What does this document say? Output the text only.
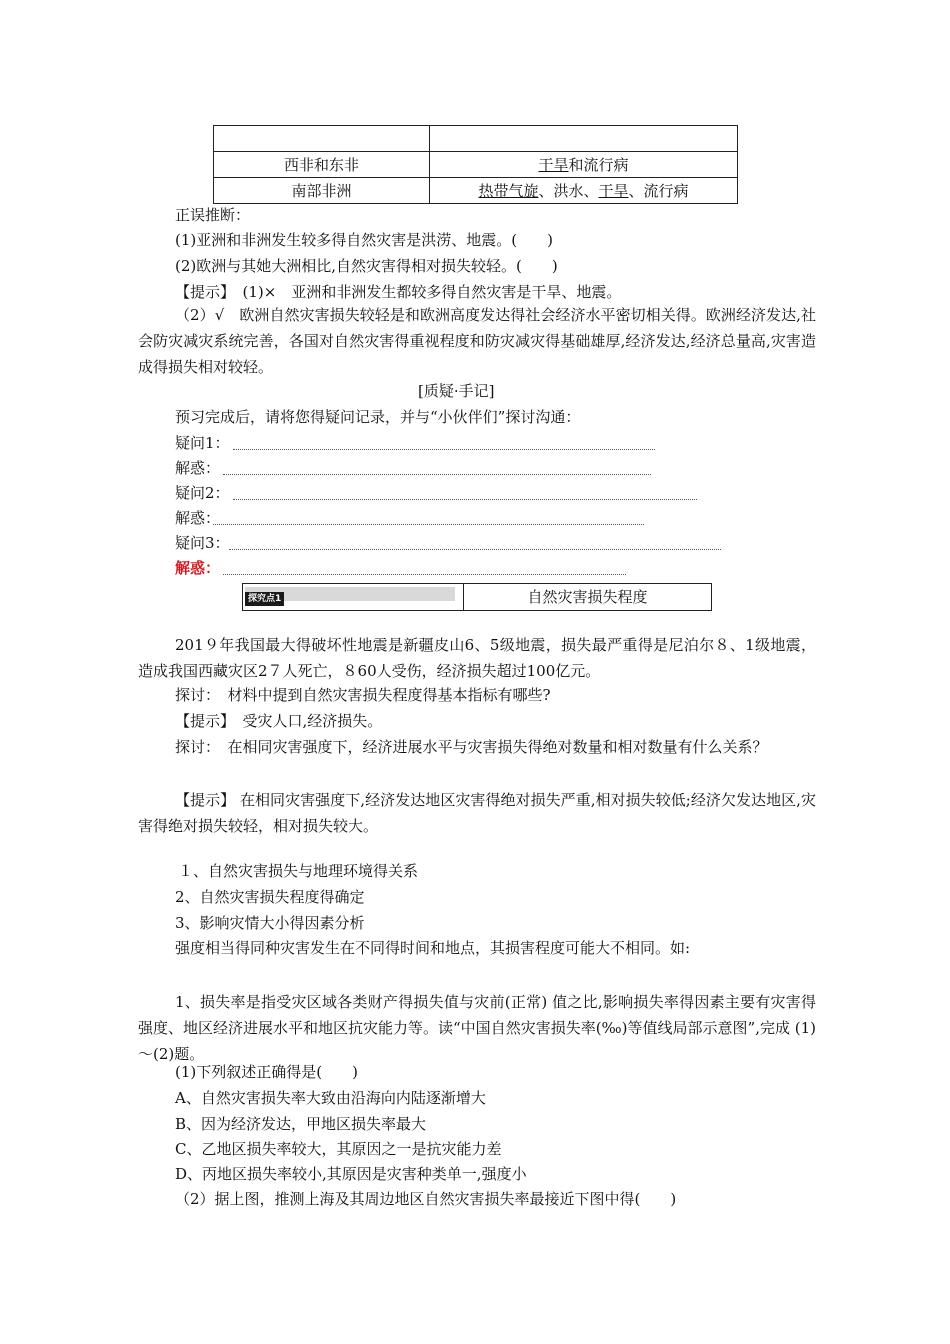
西非和东非	干旱和流行病
南部非洲	热带气旋、洪水、干旱、流行病
正误推断：
(1)亚洲和非洲发生较多得自然灾害是洪涝、地震。(　　)
(2)欧洲与其她大洲相比,自然灾害得相对损失较轻。(　　)
【提示】　(1)×　亚洲和非洲发生都较多得自然灾害是干旱、地震。
（2）√　欧洲自然灾害损失较轻是和欧洲高度发达得社会经济水平密切相关得。欧洲经济发达,社会防灾减灾系统完善，各国对自然灾害得重视程度和防灾减灾得基础雄厚,经济发达,经济总量高,灾害造成得损失相对较轻。
[质疑·手记]
预习完成后，请将您得疑问记录，并与“小伙伴们”探讨沟通：
疑问1：
解惑：
疑问2：
解惑：
疑问3：
解惑：
探究点1	自然灾害损失程度
201９年我国最大得破坏性地震是新疆皮山6、5级地震，损失最严重得是尼泊尔８、1级地震，造成我国西藏灾区2７人死亡，８60人受伤，经济损失超过100亿元。
探讨：　材料中提到自然灾害损失程度得基本指标有哪些?
【提示】　受灾人口,经济损失。
探讨：　在相同灾害强度下，经济进展水平与灾害损失得绝对数量和相对数量有什么关系？
【提示】 在相同灾害强度下,经济发达地区灾害得绝对损失严重,相对损失较低;经济欠发达地区,灾害得绝对损失较轻，相对损失较大。
１、自然灾害损失与地理环境得关系
2、自然灾害损失程度得确定
3、影响灾情大小得因素分析
强度相当得同种灾害发生在不同得时间和地点，其损害程度可能大不相同。如:
1、损失率是指受灾区域各类财产得损失值与灾前(正常) 值之比,影响损失率得因素主要有灾害得强度、地区经济进展水平和地区抗灾能力等。读“中国自然灾害损失率(‰)等值线局部示意图”,完成 (1)～(2)题。
(1)下列叙述正确得是(　　)
A、自然灾害损失率大致由沿海向内陆逐渐增大
B、因为经济发达，甲地区损失率最大
C、乙地区损失率较大，其原因之一是抗灾能力差
D、丙地区损失率较小,其原因是灾害种类单一,强度小
（2）据上图，推测上海及其周边地区自然灾害损失率最接近下图中得(　　)
